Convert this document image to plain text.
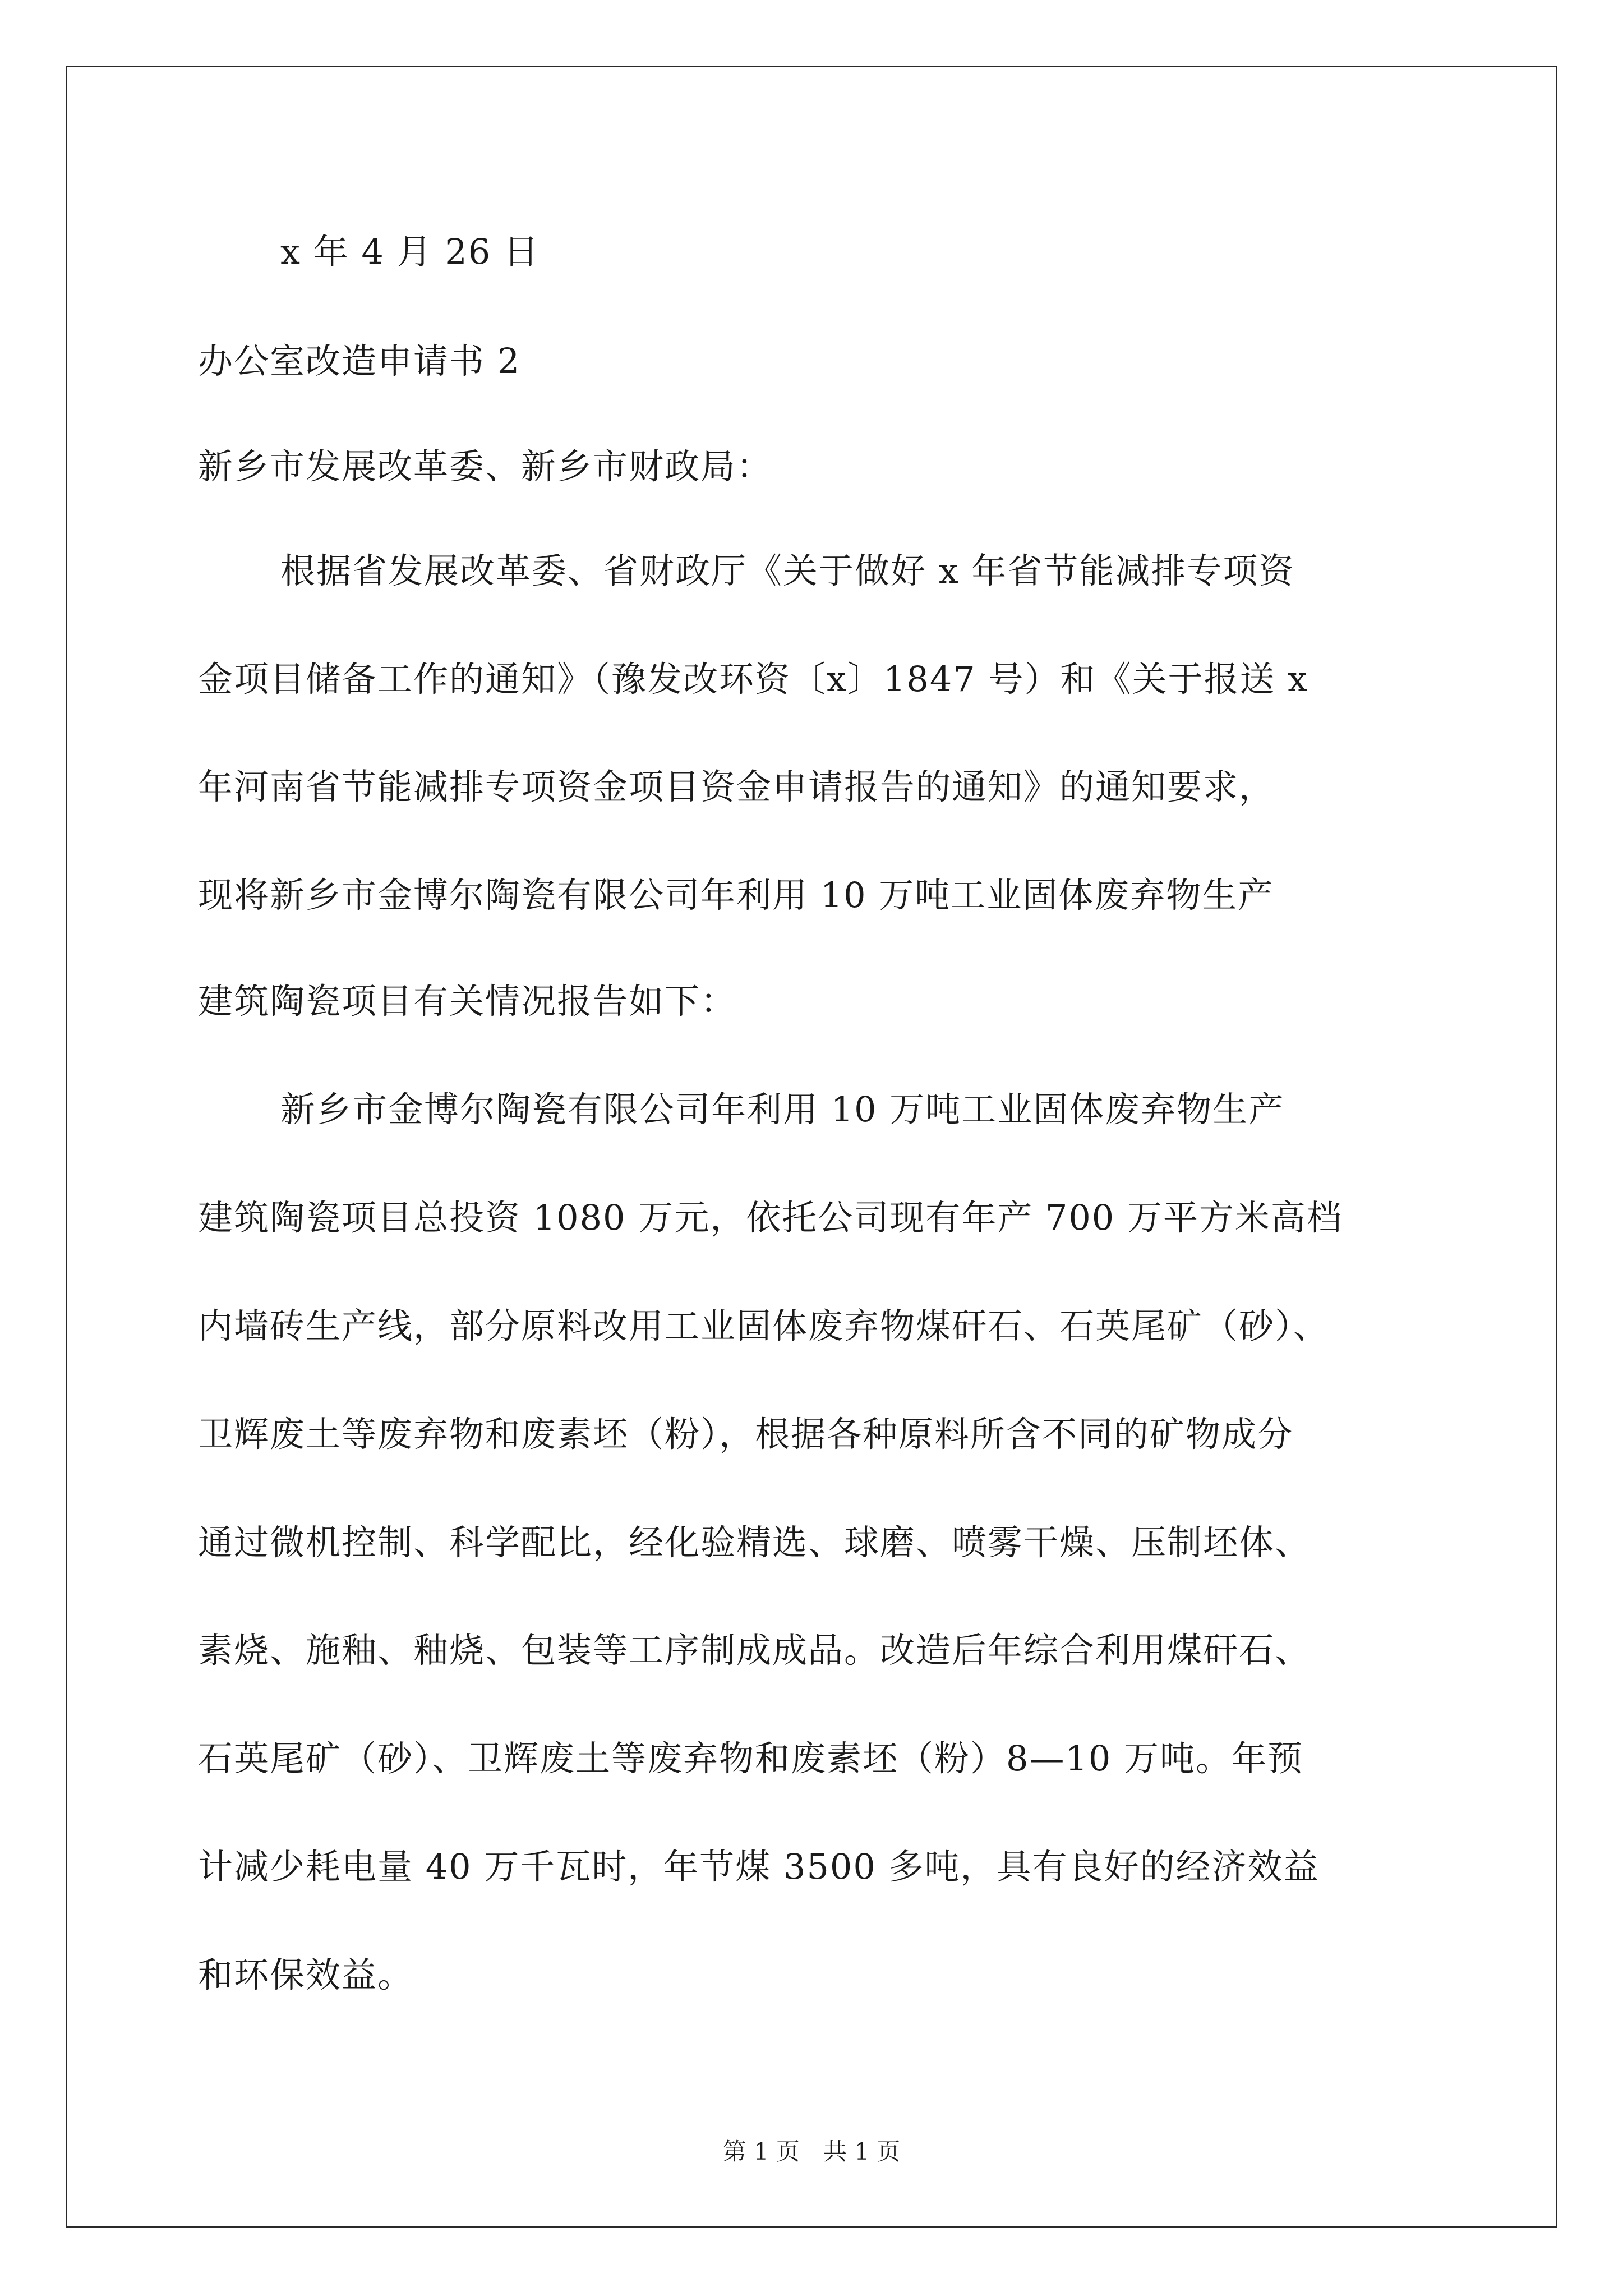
x 年 4 月 26 日
办公室改造申请书 2
新乡市发展改革委、新乡市财政局：
根据省发展改革委、省财政厅《关于做好 x 年省节能减排专项资
金项目储备工作的通知》（豫发改环资〔x〕1847 号）和《关于报送 x
年河南省节能减排专项资金项目资金申请报告的通知》的通知要求，
现将新乡市金博尔陶瓷有限公司年利用 10 万吨工业固体废弃物生产
建筑陶瓷项目有关情况报告如下：
新乡市金博尔陶瓷有限公司年利用 10 万吨工业固体废弃物生产
建筑陶瓷项目总投资 1080 万元，依托公司现有年产 700 万平方米高档
内墙砖生产线，部分原料改用工业固体废弃物煤矸石、石英尾矿（砂）、
卫辉废土等废弃物和废素坯（粉），根据各种原料所含不同的矿物成分
通过微机控制、科学配比，经化验精选、球磨、喷雾干燥、压制坯体、
素烧、施釉、釉烧、包装等工序制成成品。改造后年综合利用煤矸石、
石英尾矿（砂）、卫辉废土等废弃物和废素坯（粉）8—10 万吨。年预
计减少耗电量 40 万千瓦时，年节煤 3500 多吨，具有良好的经济效益
和环保效益。
第 1 页　共 1 页
